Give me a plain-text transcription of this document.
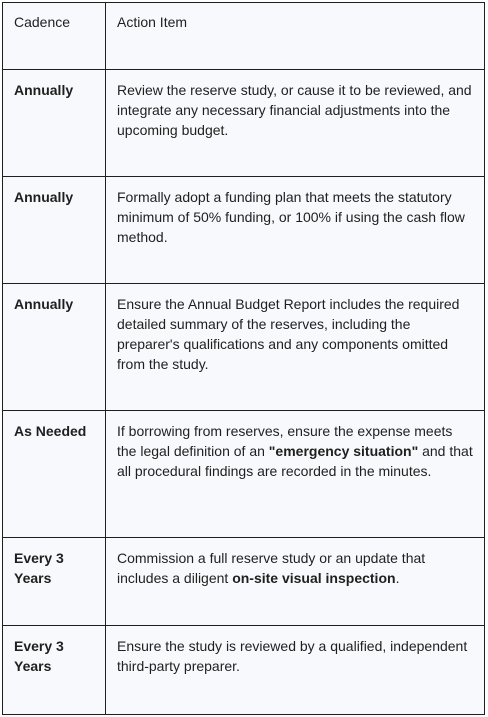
Cadence	Action Item

Annually	Review the reserve study, or cause it to be reviewed, and integrate any necessary financial adjustments into the upcoming budget.

Annually	Formally adopt a funding plan that meets the statutory minimum of 50% funding, or 100% if using the cash flow method.

Annually	Ensure the Annual Budget Report includes the required detailed summary of the reserves, including the preparer's qualifications and any components omitted from the study.

As Needed	If borrowing from reserves, ensure the expense meets the legal definition of an "emergency situation" and that all procedural findings are recorded in the minutes.

Every 3 Years	Commission a full reserve study or an update that includes a diligent on-site visual inspection.

Every 3 Years	Ensure the study is reviewed by a qualified, independent third-party preparer.
